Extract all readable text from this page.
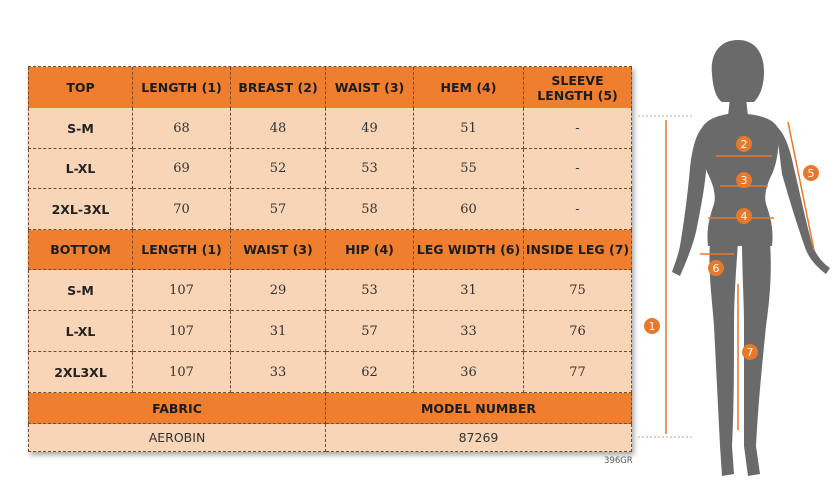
TOP	LENGTH (1)	BREAST (2)	WAIST (3)	HEM (4)	SLEEVE
LENGTH (5)
S-M	68	48	49	51	-
L-XL	69	52	53	55	-
2XL-3XL	70	57	58	60	-
BOTTOM	LENGTH (1)	WAIST (3)	HIP (4)	LEG WIDTH (6) INSIDE LEG (7)
S-M	107	29	53	31	75
L-XL	107	31	57	33	76
2XL3XL	107	33	62	36	77
FABRIC	MODEL NUMBER
AEROBIN	87269
396GR
1
2
3
4
5
6
7
